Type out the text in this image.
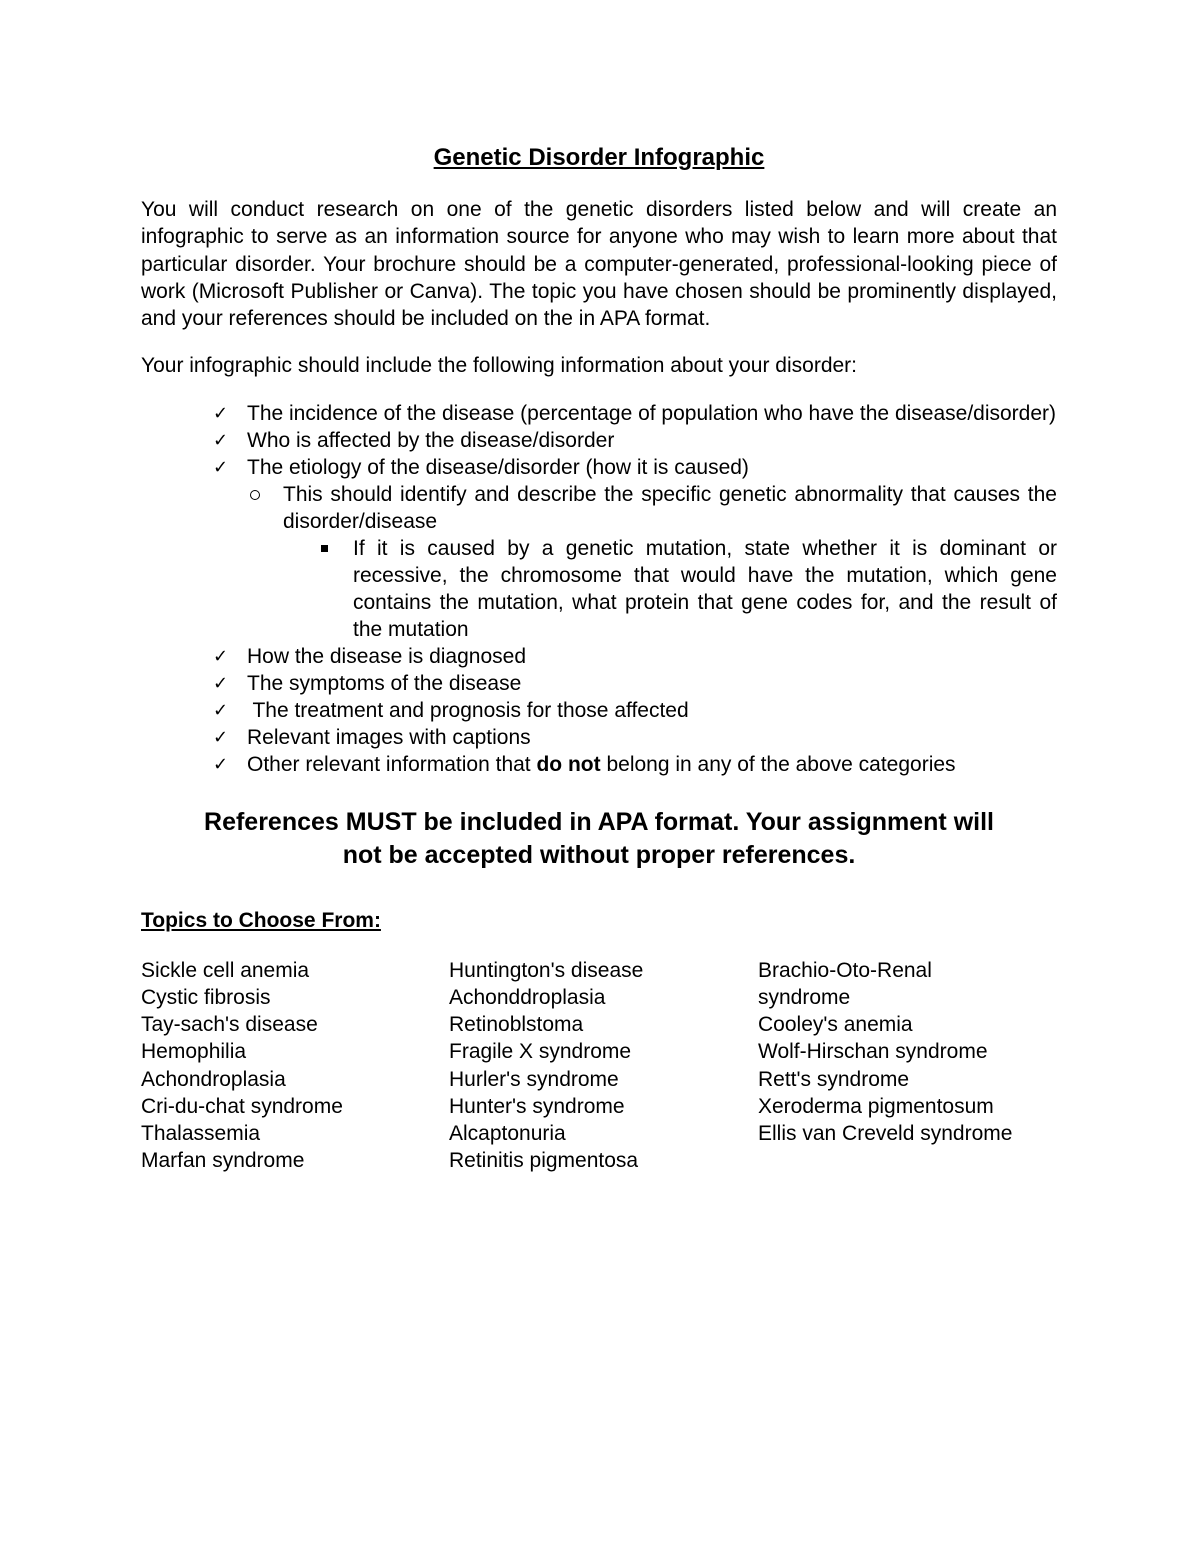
Genetic Disorder Infographic

You will conduct research on one of the genetic disorders listed below and will create an infographic to serve as an information source for anyone who may wish to learn more about that particular disorder. Your brochure should be a computer-generated, professional-looking piece of work (Microsoft Publisher or Canva). The topic you have chosen should be prominently displayed, and your references should be included on the in APA format.

Your infographic should include the following information about your disorder:

✓ The incidence of the disease (percentage of population who have the disease/disorder)
✓ Who is affected by the disease/disorder
✓ The etiology of the disease/disorder (how it is caused)
This should identify and describe the specific genetic abnormality that causes the disorder/disease
If it is caused by a genetic mutation, state whether it is dominant or recessive, the chromosome that would have the mutation, which gene contains the mutation, what protein that gene codes for, and the result of the mutation
✓ How the disease is diagnosed
✓ The symptoms of the disease
✓ The treatment and prognosis for those affected
✓ Relevant images with captions
✓ Other relevant information that do not belong in any of the above categories
References MUST be included in APA format. Your assignment will
not be accepted without proper references.
Topics to Choose From:
Sickle cell anemia
Cystic fibrosis
Tay-sach's disease
Hemophilia
Achondroplasia
Cri-du-chat syndrome
Thalassemia
Marfan syndrome
Huntington's disease
Achonddroplasia
Retinoblstoma
Fragile X syndrome
Hurler's syndrome
Hunter's syndrome
Alcaptonuria
Retinitis pigmentosa
Brachio-Oto-Renal
syndrome
Cooley's anemia
Wolf-Hirschan syndrome
Rett's syndrome
Xeroderma pigmentosum
Ellis van Creveld syndrome
